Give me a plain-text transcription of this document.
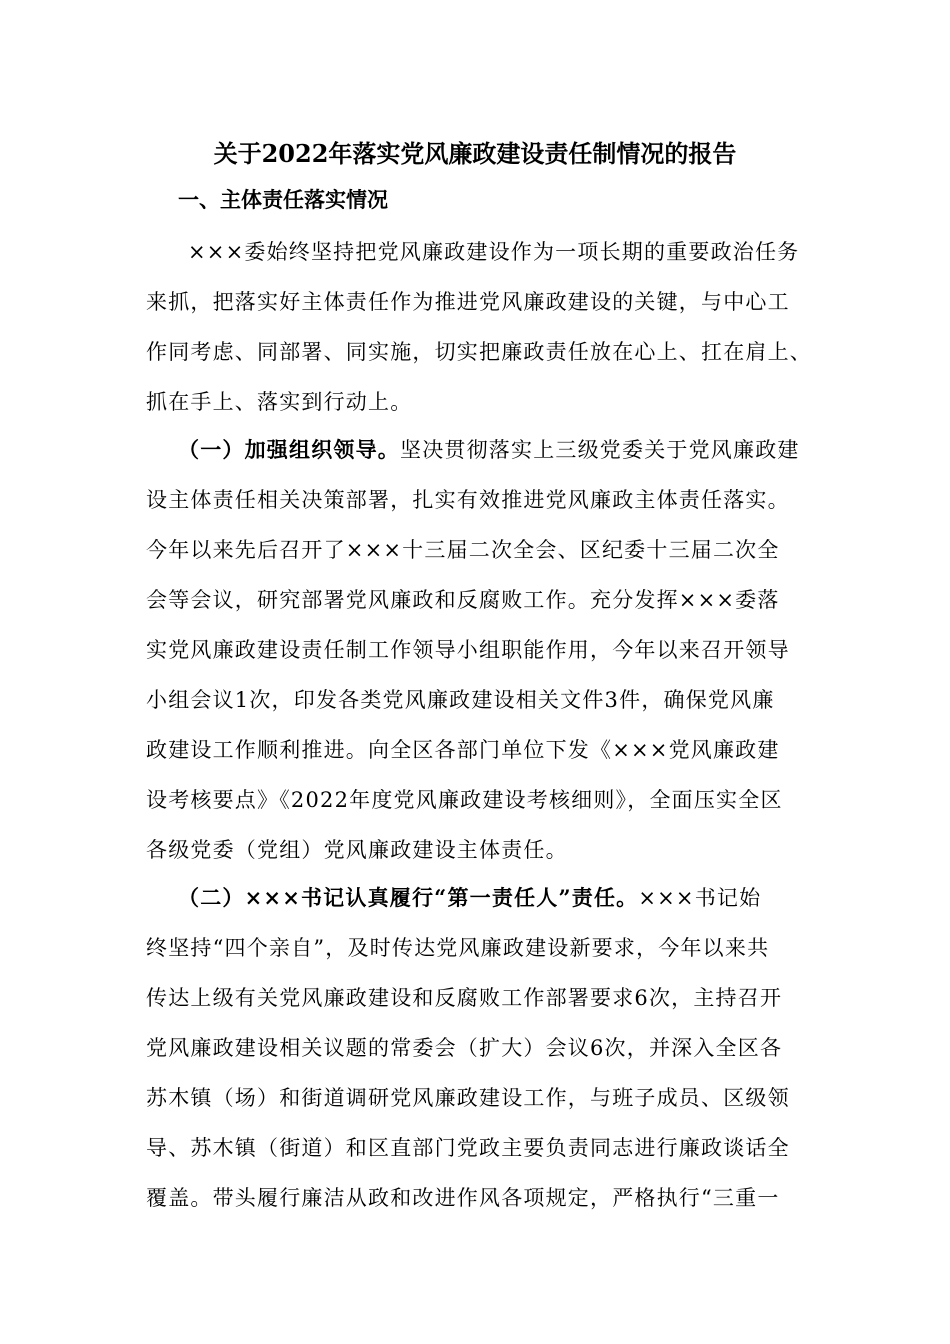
关于2022年落实党风廉政建设责任制情况的报告
一、主体责任落实情况
×××委始终坚持把党风廉政建设作为一项长期的重要政治任务
来抓，把落实好主体责任作为推进党风廉政建设的关键，与中心工
作同考虑、同部署、同实施，切实把廉政责任放在心上、扛在肩上、
抓在手上、落实到行动上。
（一）加强组织领导。坚决贯彻落实上三级党委关于党风廉政建
设主体责任相关决策部署，扎实有效推进党风廉政主体责任落实。
今年以来先后召开了×××十三届二次全会、区纪委十三届二次全
会等会议，研究部署党风廉政和反腐败工作。充分发挥×××委落
实党风廉政建设责任制工作领导小组职能作用，今年以来召开领导
小组会议1次，印发各类党风廉政建设相关文件3件，确保党风廉
政建设工作顺利推进。向全区各部门单位下发《×××党风廉政建
设考核要点》《2022年度党风廉政建设考核细则》，全面压实全区
各级党委（党组）党风廉政建设主体责任。
（二）×××书记认真履行“第一责任人”责任。×××书记始
终坚持“四个亲自”，及时传达党风廉政建设新要求，今年以来共
传达上级有关党风廉政建设和反腐败工作部署要求6次，主持召开
党风廉政建设相关议题的常委会（扩大）会议6次，并深入全区各
苏木镇（场）和街道调研党风廉政建设工作，与班子成员、区级领
导、苏木镇（街道）和区直部门党政主要负责同志进行廉政谈话全
覆盖。带头履行廉洁从政和改进作风各项规定，严格执行“三重一
